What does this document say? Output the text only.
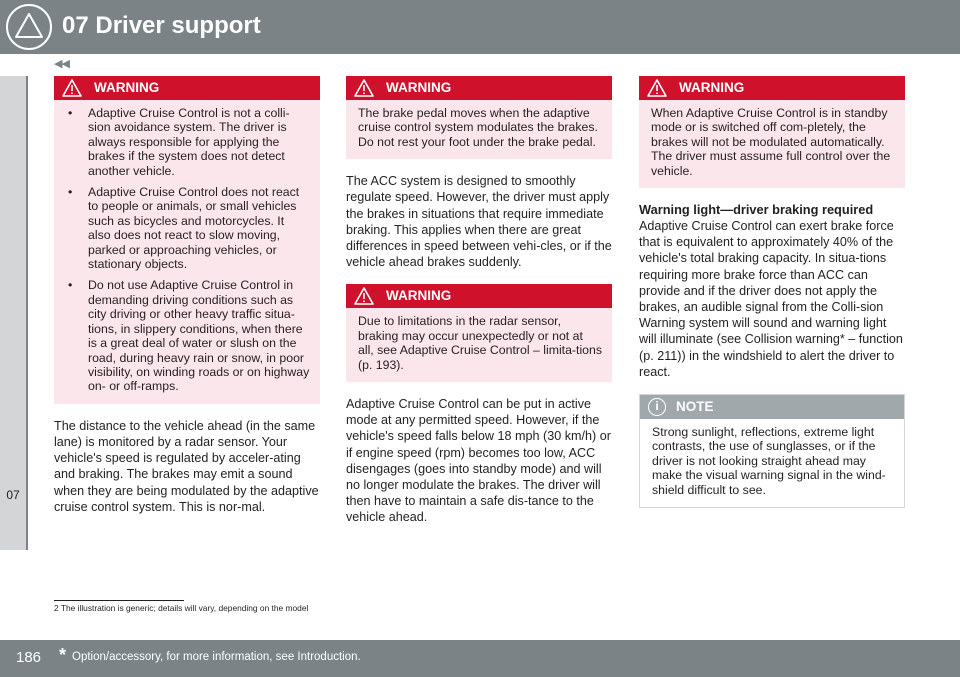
07 Driver support
◀◀
07
WARNING
• Adaptive Cruise Control is not a colli-sion avoidance system. The driver is always responsible for applying the brakes if the system does not detect another vehicle.
• Adaptive Cruise Control does not react to people or animals, or small vehicles such as bicycles and motorcycles. It also does not react to slow moving, parked or approaching vehicles, or stationary objects.
• Do not use Adaptive Cruise Control in demanding driving conditions such as city driving or other heavy traffic situa-tions, in slippery conditions, when there is a great deal of water or slush on the road, during heavy rain or snow, in poor visibility, on winding roads or on highway on- or off-ramps.

The distance to the vehicle ahead (in the same lane) is monitored by a radar sensor. Your vehicle's speed is regulated by acceler-ating and braking. The brakes may emit a sound when they are being modulated by the adaptive cruise control system. This is nor-mal.

WARNING
The brake pedal moves when the adaptive cruise control system modulates the brakes. Do not rest your foot under the brake pedal.

The ACC system is designed to smoothly regulate speed. However, the driver must apply the brakes in situations that require immediate braking. This applies when there are great differences in speed between vehi-cles, or if the vehicle ahead brakes suddenly.

WARNING
Due to limitations in the radar sensor, braking may occur unexpectedly or not at all, see Adaptive Cruise Control – limita-tions (p. 193).

Adaptive Cruise Control can be put in active mode at any permitted speed. However, if the vehicle's speed falls below 18 mph (30 km/h) or if engine speed (rpm) becomes too low, ACC disengages (goes into standby mode) and will no longer modulate the brakes. The driver will then have to maintain a safe dis-tance to the vehicle ahead.

WARNING
When Adaptive Cruise Control is in standby mode or is switched off com-pletely, the brakes will not be modulated automatically. The driver must assume full control over the vehicle.
Warning light—driver braking required

Adaptive Cruise Control can exert brake force that is equivalent to approximately 40% of the vehicle's total braking capacity. In situa-tions requiring more brake force than ACC can provide and if the driver does not apply the brakes, an audible signal from the Colli-sion Warning system will sound and warning light will illuminate (see Collision warning* – function (p. 211)) in the windshield to alert the driver to react.

i	NOTE
Strong sunlight, reflections, extreme light contrasts, the use of sunglasses, or if the driver is not looking straight ahead may make the visual warning signal in the wind-shield difficult to see.
2 The illustration is generic; details will vary, depending on the model
186 * Option/accessory, for more information, see Introduction.
